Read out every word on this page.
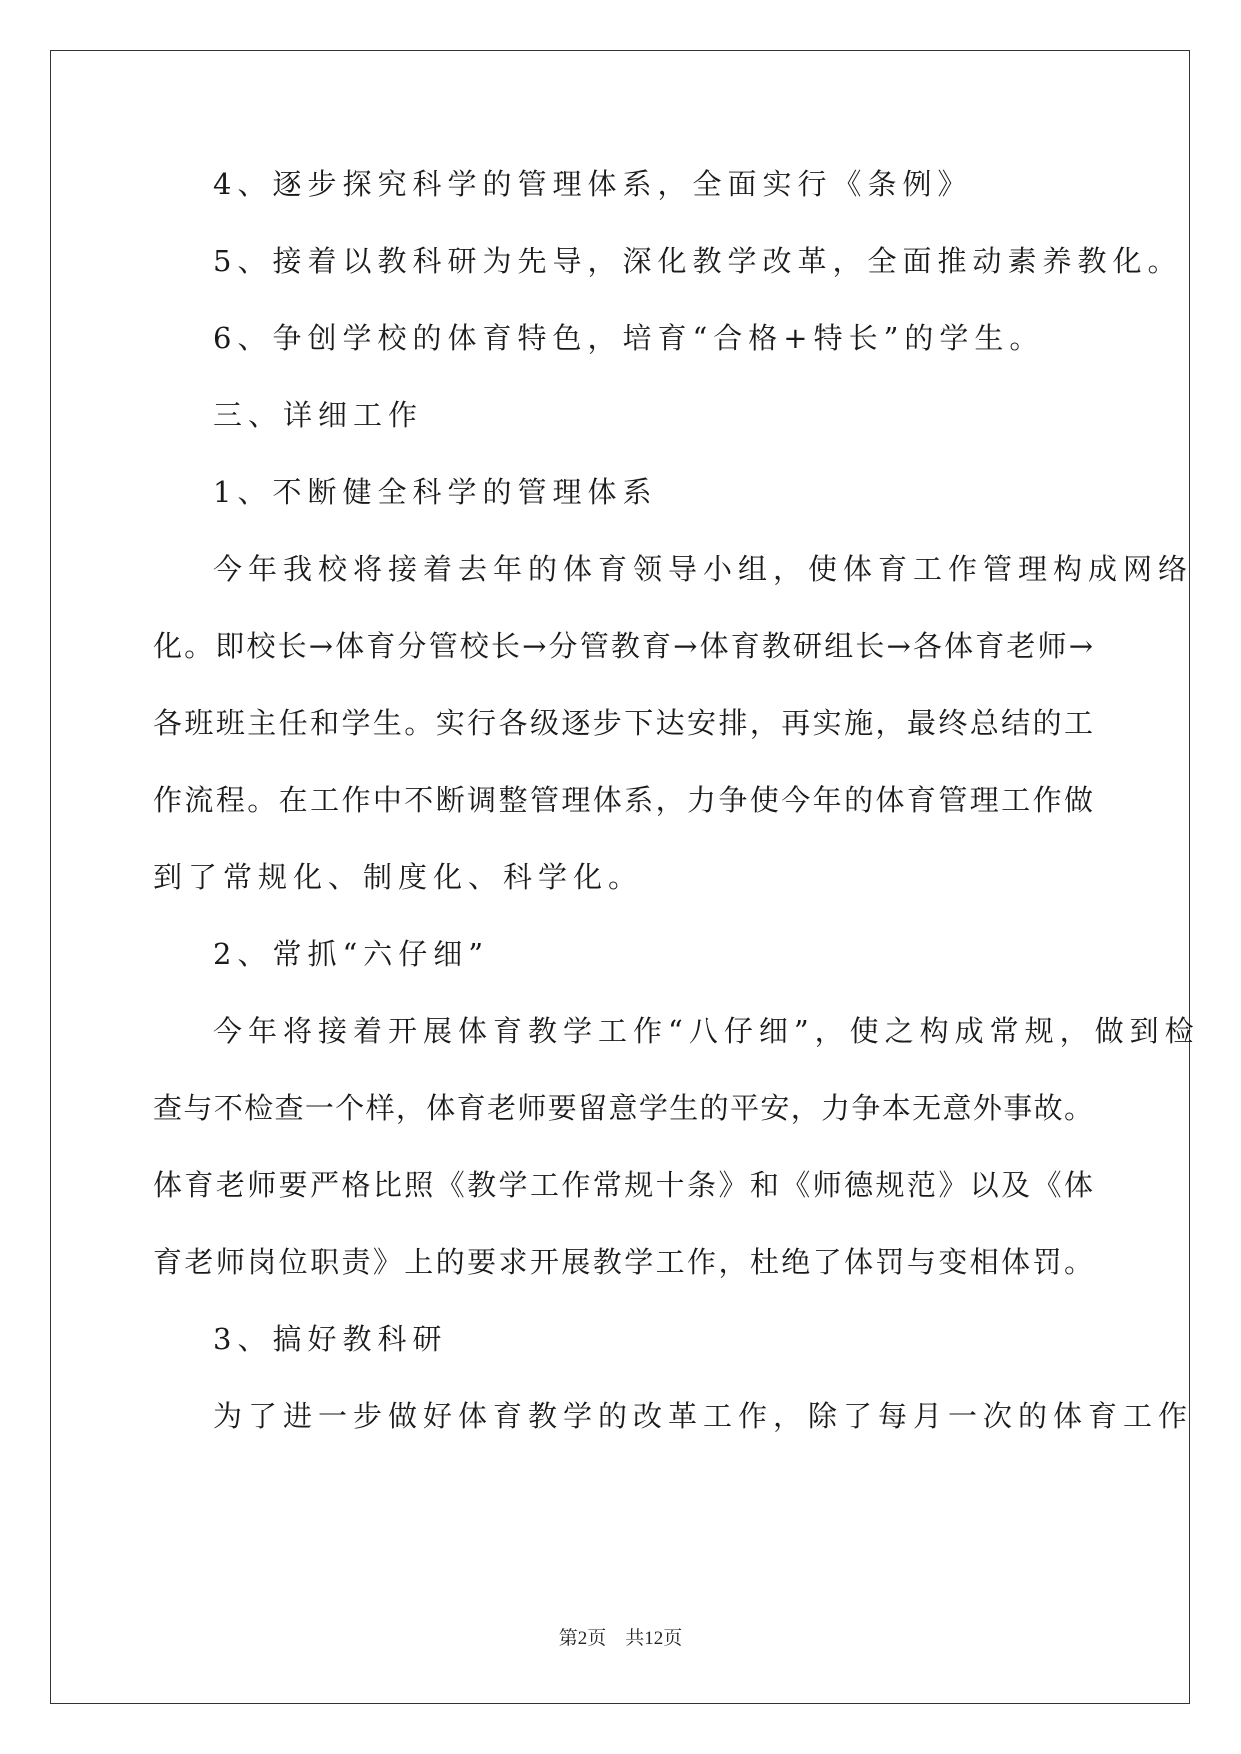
4、逐步探究科学的管理体系，全面实行《条例》
5、接着以教科研为先导，深化教学改革，全面推动素养教化。
6、争创学校的体育特色，培育“合格+特长”的学生。
三、详细工作
1、不断健全科学的管理体系
今年我校将接着去年的体育领导小组，使体育工作管理构成网络
化。即校长→体育分管校长→分管教育→体育教研组长→各体育老师→
各班班主任和学生。实行各级逐步下达安排，再实施，最终总结的工
作流程。在工作中不断调整管理体系，力争使今年的体育管理工作做
到了常规化、制度化、科学化。
2、常抓“六仔细”
今年将接着开展体育教学工作“八仔细”，使之构成常规，做到检
查与不检查一个样，体育老师要留意学生的平安，力争本无意外事故。
体育老师要严格比照《教学工作常规十条》和《师德规范》以及《体
育老师岗位职责》上的要求开展教学工作，杜绝了体罚与变相体罚。
3、搞好教科研
为了进一步做好体育教学的改革工作，除了每月一次的体育工作
第2页　共12页
